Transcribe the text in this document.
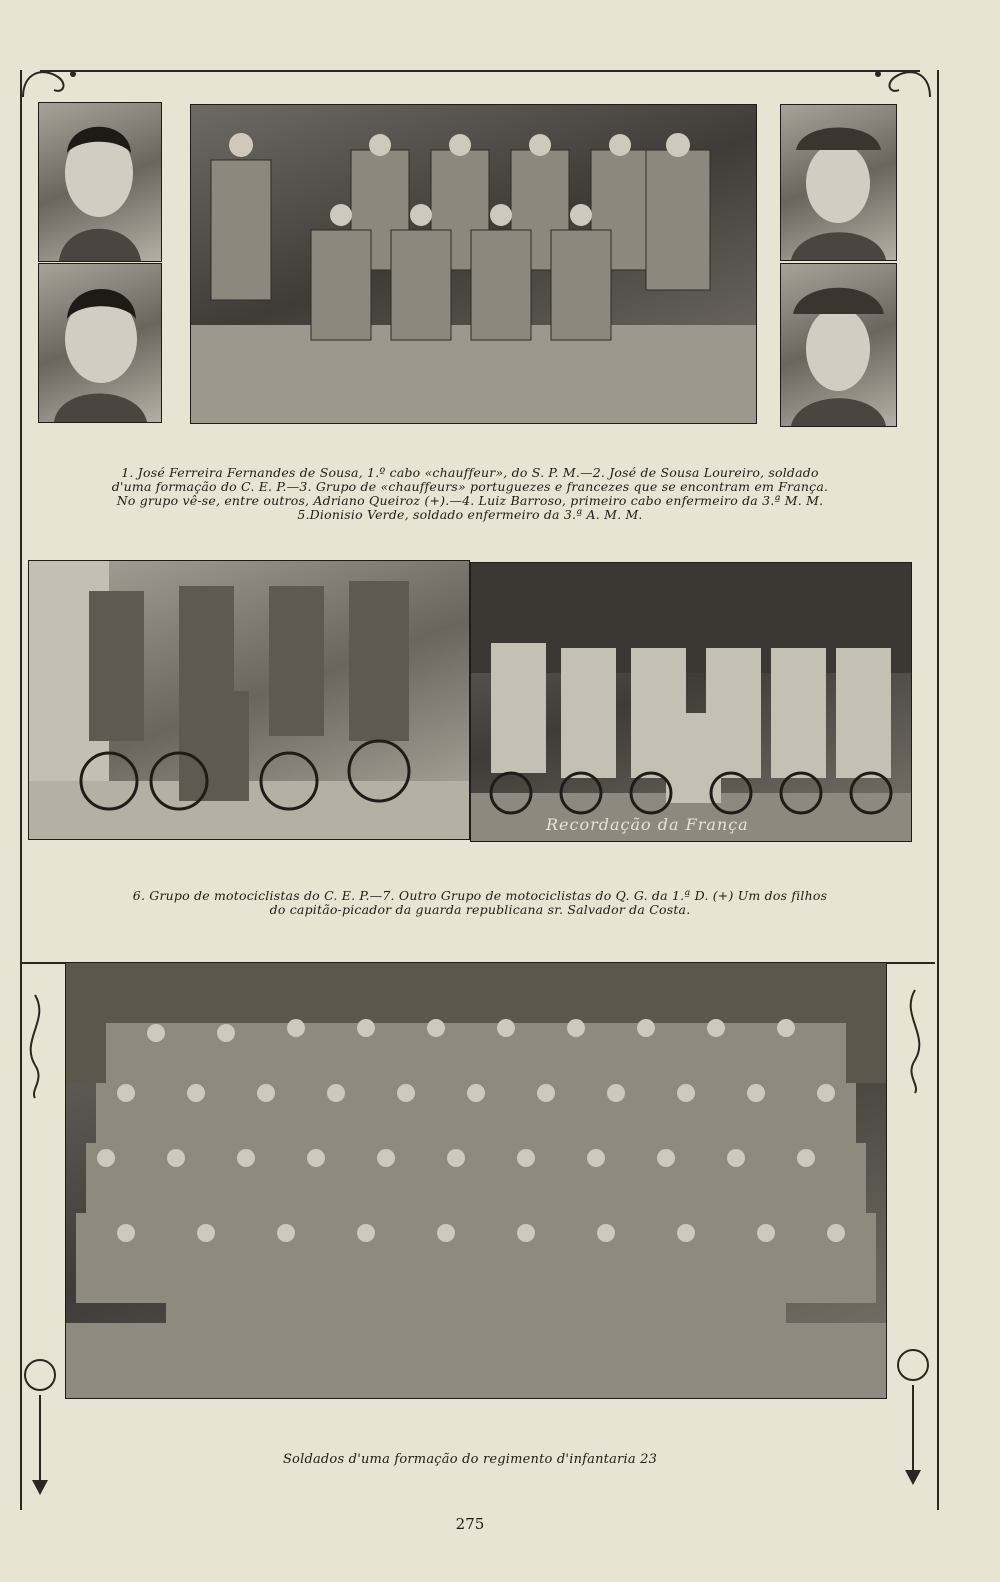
1. José Ferreira Fernandes de Sousa, 1.º cabo «chauffeur», do S. P. M.—2. José de Sousa Loureiro, soldado
d'uma formação do C. E. P.—3. Grupo de «chauffeurs» portuguezes e francezes que se encontram em França.
No grupo vê-se, entre outros, Adriano Queiroz (+).—4. Luiz Barroso, primeiro cabo enfermeiro da 3.ª M. M.
5.Dionisio Verde, soldado enfermeiro da 3.ª A. M. M.
Recordação da França
6. Grupo de motociclistas do C. E. P.—7. Outro Grupo de motociclistas do Q. G. da 1.ª D. (+) Um dos filhos
do capitão-picador da guarda republicana sr. Salvador da Costa.
Soldados d'uma formação do regimento d'infantaria 23
275
